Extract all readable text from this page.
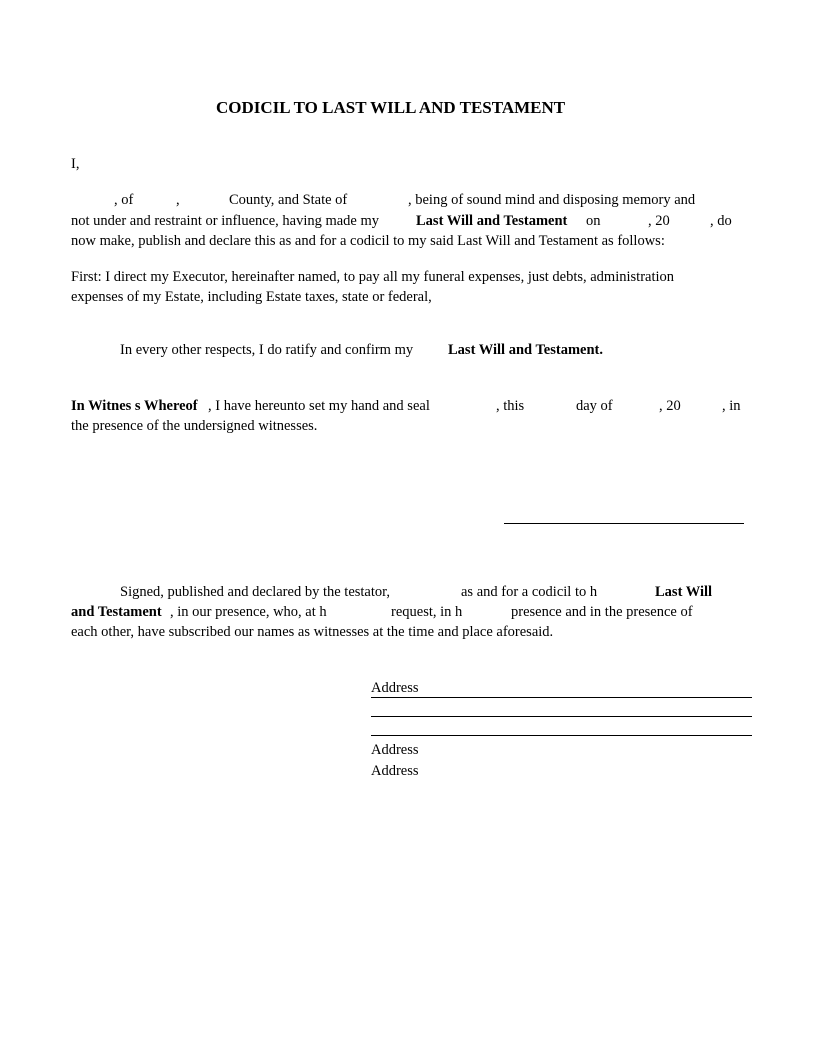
CODICIL TO LAST WILL AND TESTAMENT
I,
, of	,	County, and State of	, being of sound mind and disposing memory and
not under and restraint or influence, having made my	Last Will and Testament on	, 20	, do
now make, publish and declare this as and for a codicil to my said Last Will and Testament as follows:
First: I direct my Executor, hereinafter named, to pay all my funeral expenses, just debts, administration
expenses of my Estate, including Estate taxes, state or federal,
In every other respects, I do ratify and confirm my Last Will and Testament.
In Witnes s Whereof , I have hereunto set my hand and seal	, this	day of	, 20	, in
the presence of the undersigned witnesses.
Signed, published and declared by the testator,	as and for a codicil to h	Last Will
and Testament , in our presence, who, at h	request, in h	presence and in the presence of
each other, have subscribed our names as witnesses at the time and place aforesaid.
Address
Address
Address
